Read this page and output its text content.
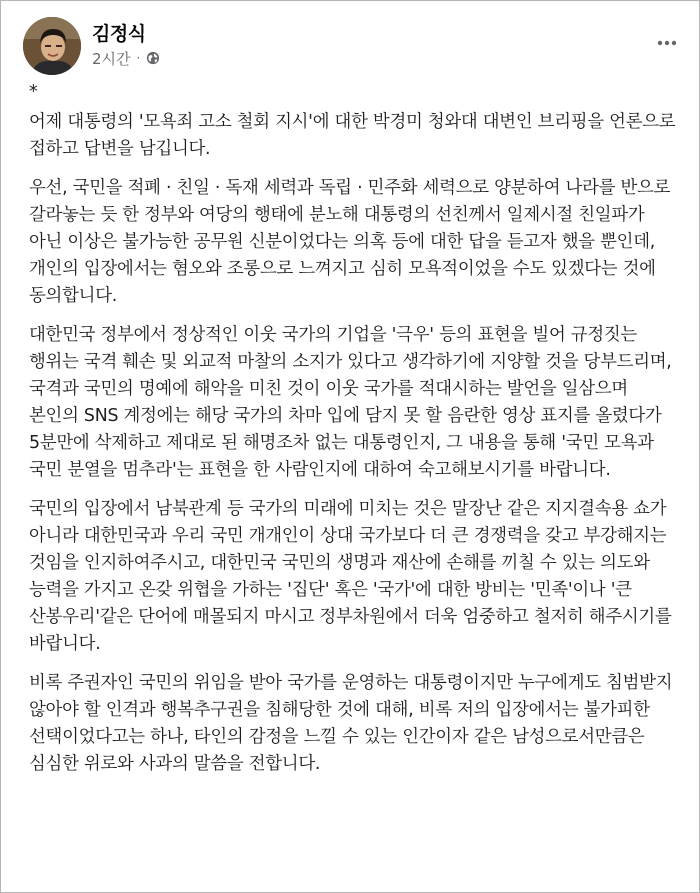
김정식
2시간 ·

*

어제 대통령의 '모욕죄 고소 철회 지시'에 대한 박경미 청와대 대변인 브리핑을 언론으로 접하고 답변을 남깁니다.

우선, 국민을 적폐 · 친일 · 독재 세력과 독립 · 민주화 세력으로 양분하여 나라를 반으로 갈라놓는 듯 한 정부와 여당의 행태에 분노해 대통령의 선친께서 일제시절 친일파가 아닌 이상은 불가능한 공무원 신분이었다는 의혹 등에 대한 답을 듣고자 했을 뿐인데, 개인의 입장에서는 혐오와 조롱으로 느껴지고 심히 모욕적이었을 수도 있겠다는 것에 동의합니다.

대한민국 정부에서 정상적인 이웃 국가의 기업을 '극우' 등의 표현을 빌어 규정짓는 행위는 국격 훼손 및 외교적 마찰의 소지가 있다고 생각하기에 지양할 것을 당부드리며, 국격과 국민의 명예에 해악을 미친 것이 이웃 국가를 적대시하는 발언을 일삼으며 본인의 SNS 계정에는 해당 국가의 차마 입에 담지 못 할 음란한 영상 표지를 올렸다가 5분만에 삭제하고 제대로 된 해명조차 없는 대통령인지, 그 내용을 통해 '국민 모욕과 국민 분열을 멈추라'는 표현을 한 사람인지에 대하여 숙고해보시기를 바랍니다.

국민의 입장에서 남북관계 등 국가의 미래에 미치는 것은 말장난 같은 지지결속용 쇼가 아니라 대한민국과 우리 국민 개개인이 상대 국가보다 더 큰 경쟁력을 갖고 부강해지는 것임을 인지하여주시고, 대한민국 국민의 생명과 재산에 손해를 끼칠 수 있는 의도와 능력을 가지고 온갖 위협을 가하는 '집단' 혹은 '국가'에 대한 방비는 '민족'이나 '큰 산봉우리'같은 단어에 매몰되지 마시고 정부차원에서 더욱 엄중하고 철저히 해주시기를 바랍니다.

비록 주권자인 국민의 위임을 받아 국가를 운영하는 대통령이지만 누구에게도 침범받지 않아야 할 인격과 행복추구권을 침해당한 것에 대해, 비록 저의 입장에서는 불가피한 선택이었다고는 하나, 타인의 감정을 느낄 수 있는 인간이자 같은 남성으로서만큼은 심심한 위로와 사과의 말씀을 전합니다.
